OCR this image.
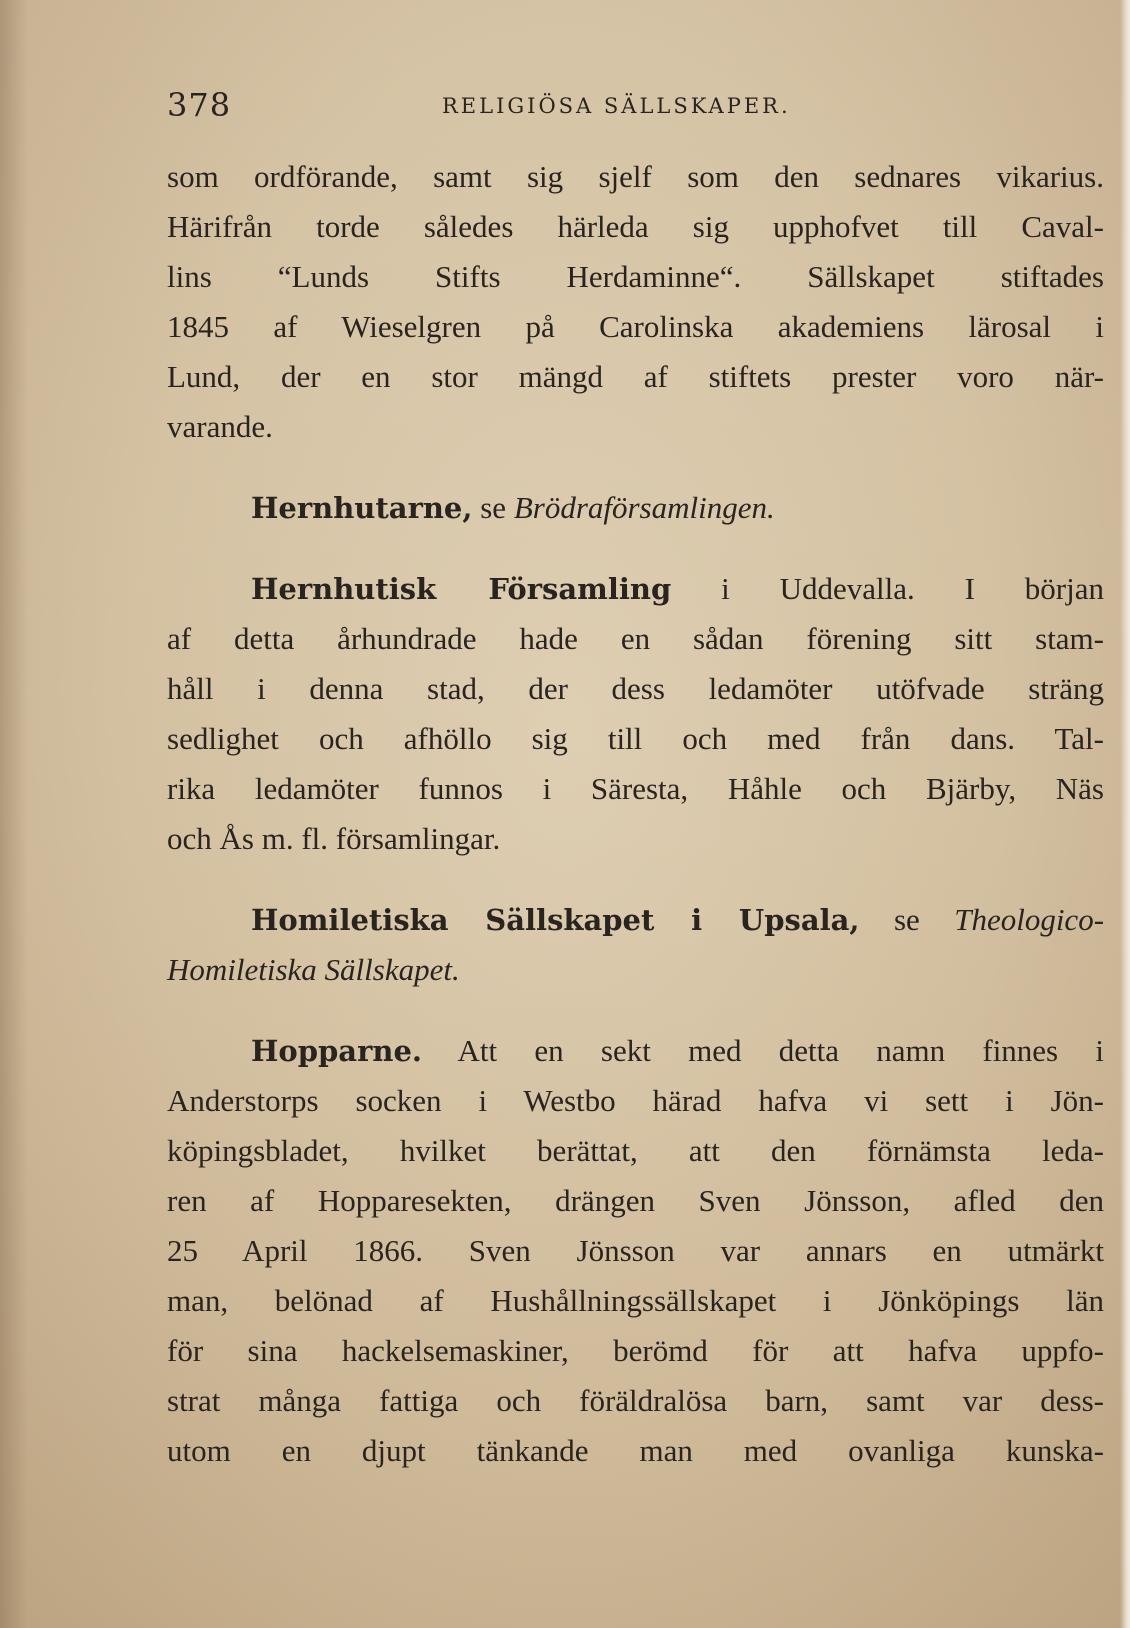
378	RELIGIÖSA SÄLLSKAPER.
som ordförande, samt sig sjelf som den sednares vikarius.
Härifrån torde således härleda sig upphofvet till Caval-
lins “Lunds Stifts Herdaminne“. Sällskapet stiftades
1845 af Wieselgren på Carolinska akademiens lärosal i
Lund, der en stor mängd af stiftets prester voro när-
varande.
Hernhutarne, se Brödraförsamlingen.
Hernhutisk Församling i Uddevalla. I början
af detta århundrade hade en sådan förening sitt stam-
håll i denna stad, der dess ledamöter utöfvade sträng
sedlighet och afhöllo sig till och med från dans. Tal-
rika ledamöter funnos i Säresta, Håhle och Bjärby, Näs
och Ås m. fl. församlingar.
Homiletiska Sällskapet i Upsala, se Theologico-
Homiletiska Sällskapet.
Hopparne. Att en sekt med detta namn finnes i
Anderstorps socken i Westbo härad hafva vi sett i Jön-
köpingsbladet, hvilket berättat, att den förnämsta leda-
ren af Hopparesekten, drängen Sven Jönsson, afled den
25 April 1866. Sven Jönsson var annars en utmärkt
man, belönad af Hushållningssällskapet i Jönköpings län
för sina hackelsemaskiner, berömd för att hafva uppfo-
strat många fattiga och föräldralösa barn, samt var dess-
utom en djupt tänkande man med ovanliga kunska-
